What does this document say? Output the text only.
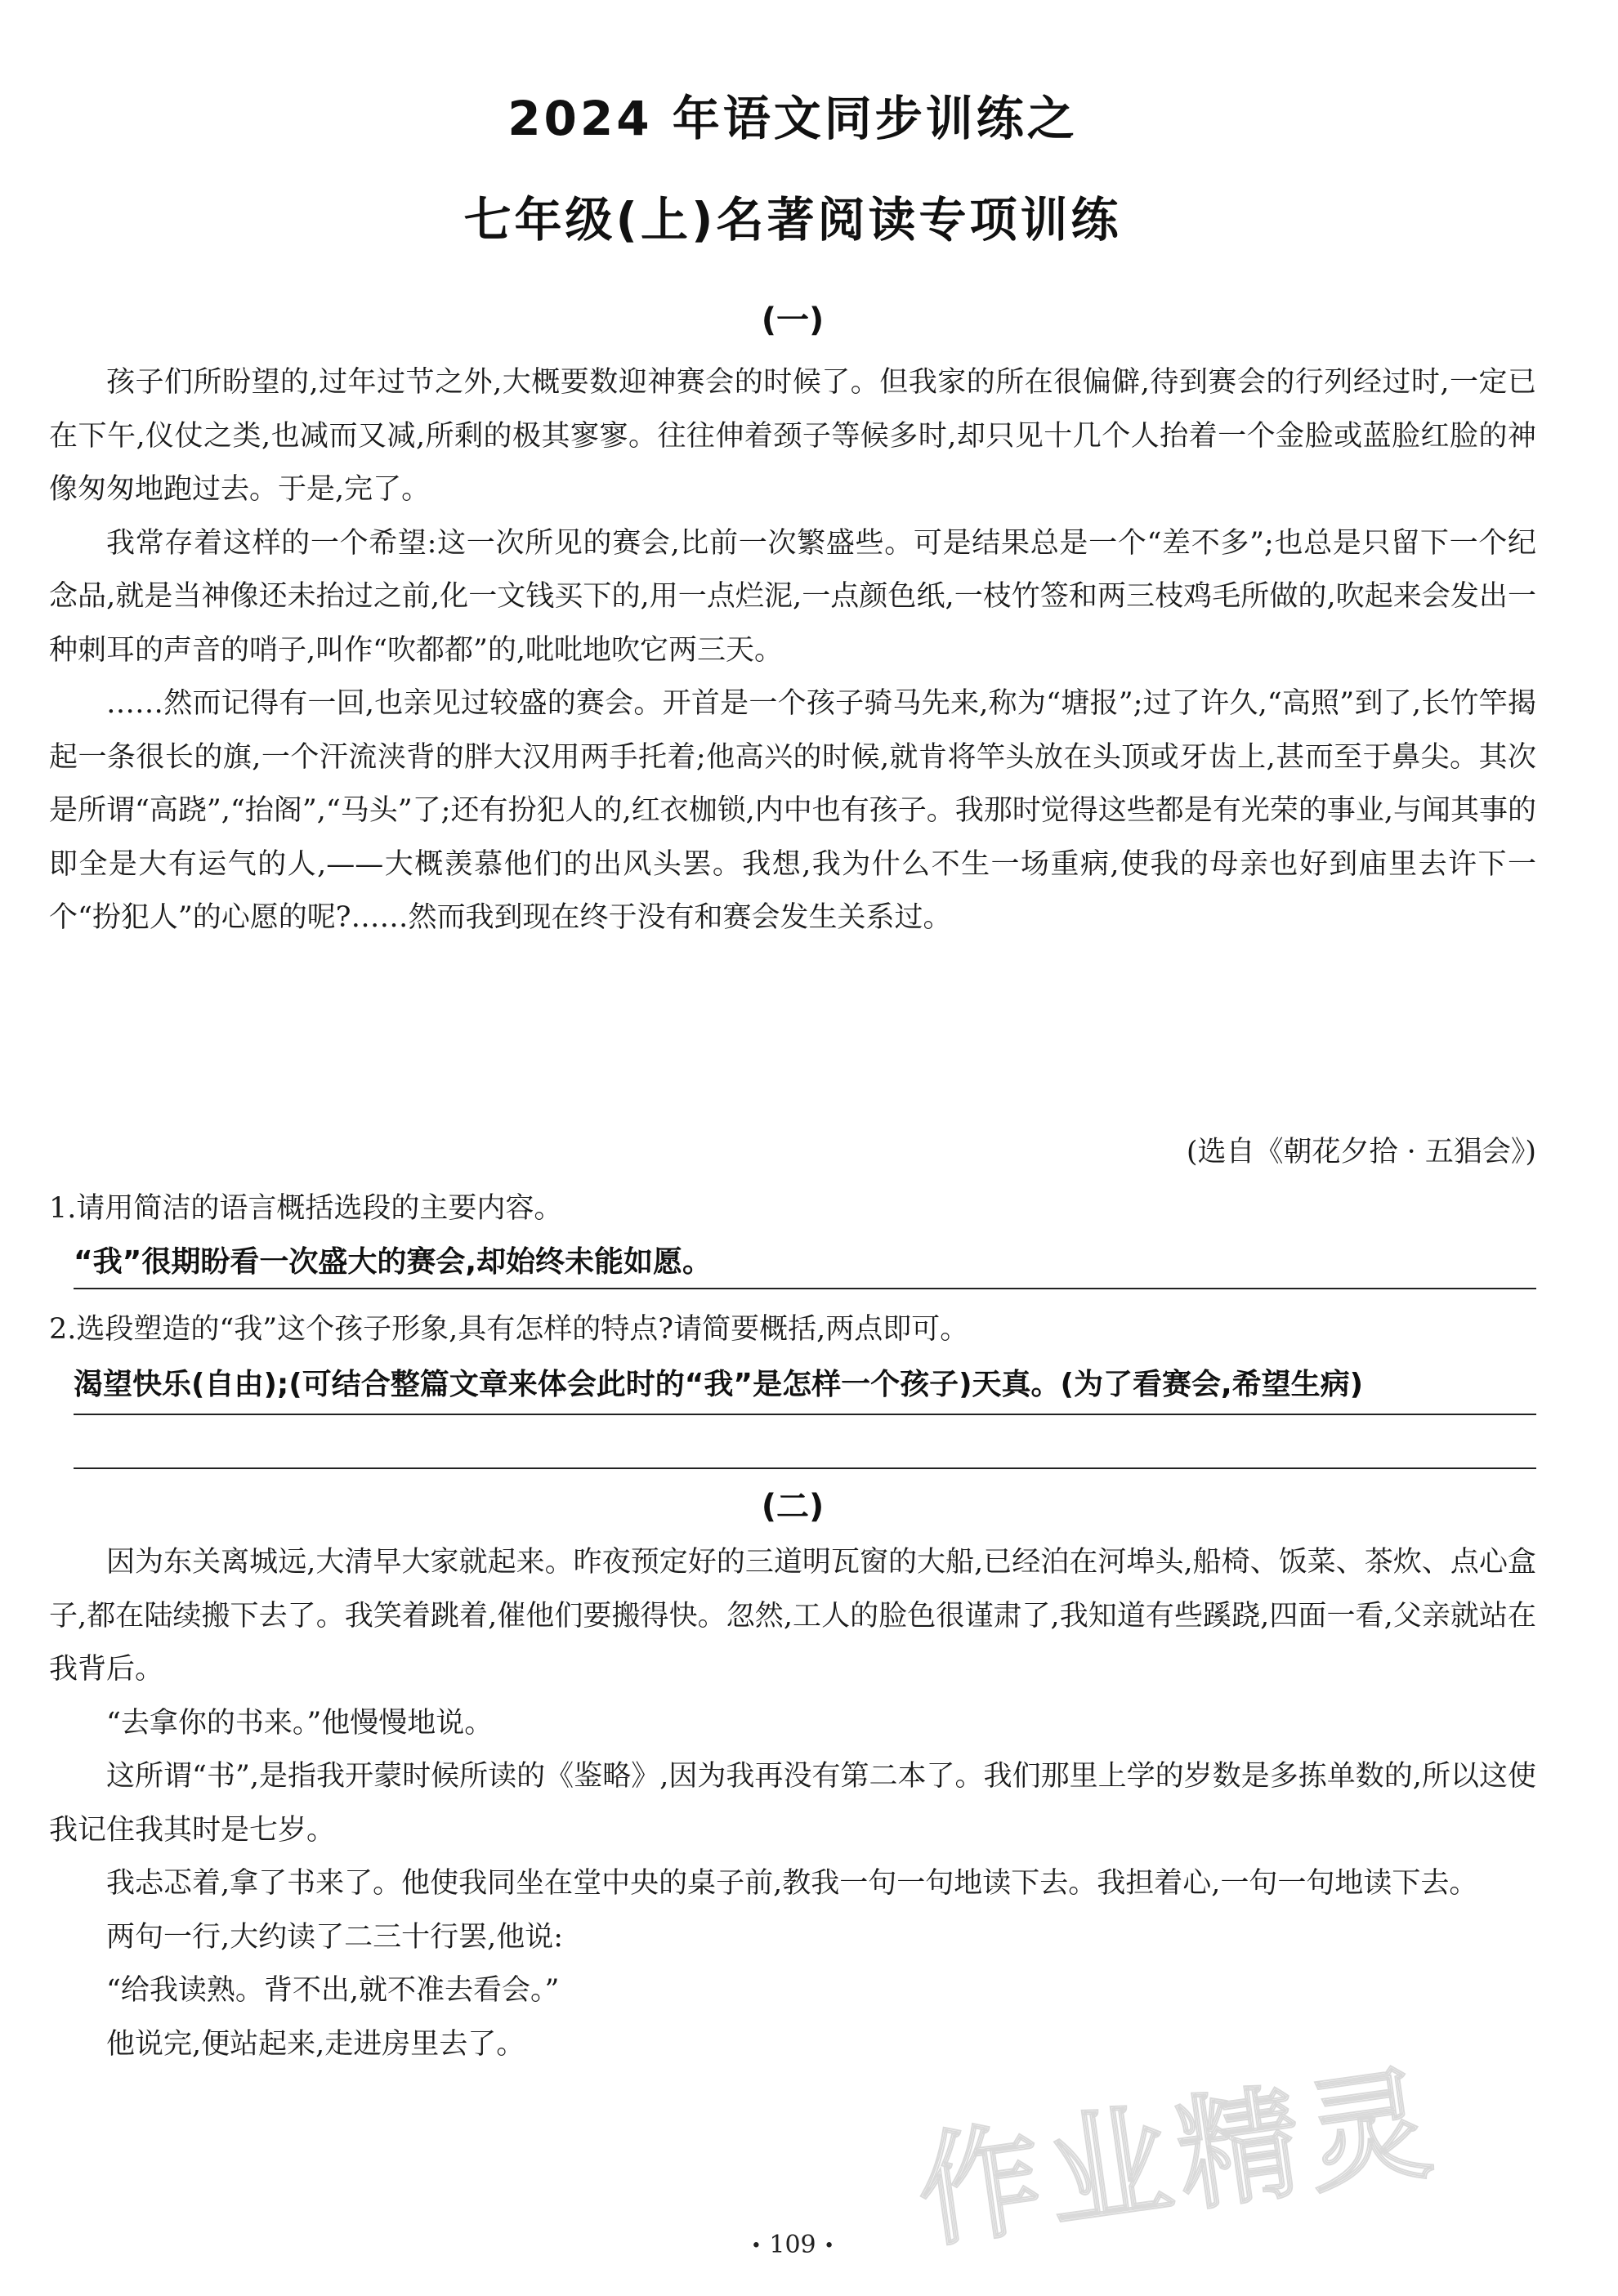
2024 年语文同步训练之
七年级(上)名著阅读专项训练
(一)

孩子们所盼望的,过年过节之外,大概要数迎神赛会的时候了。但我家的所在很偏僻,待到赛会的行列经过时,一定已在下午,仪仗之类,也减而又减,所剩的极其寥寥。往往伸着颈子等候多时,却只见十几个人抬着一个金脸或蓝脸红脸的神像匆匆地跑过去。于是,完了。

我常存着这样的一个希望:这一次所见的赛会,比前一次繁盛些。可是结果总是一个“差不多”;也总是只留下一个纪念品,就是当神像还未抬过之前,化一文钱买下的,用一点烂泥,一点颜色纸,一枝竹签和两三枝鸡毛所做的,吹起来会发出一种刺耳的声音的哨子,叫作“吹都都”的,吡吡地吹它两三天。

……然而记得有一回,也亲见过较盛的赛会。开首是一个孩子骑马先来,称为“塘报”;过了许久,“高照”到了,长竹竿揭起一条很长的旗,一个汗流浃背的胖大汉用两手托着;他高兴的时候,就肯将竿头放在头顶或牙齿上,甚而至于鼻尖。其次是所谓“高跷”,“抬阁”,“马头”了;还有扮犯人的,红衣枷锁,内中也有孩子。我那时觉得这些都是有光荣的事业,与闻其事的即全是大有运气的人,——大概羡慕他们的出风头罢。我想,我为什么不生一场重病,使我的母亲也好到庙里去许下一个“扮犯人”的心愿的呢?……然而我到现在终于没有和赛会发生关系过。

(选自《朝花夕拾 · 五猖会》)
1.请用简洁的语言概括选段的主要内容。
“我”很期盼看一次盛大的赛会,却始终未能如愿。
2.选段塑造的“我”这个孩子形象,具有怎样的特点?请简要概括,两点即可。
渴望快乐(自由);(可结合整篇文章来体会此时的“我”是怎样一个孩子)天真。(为了看赛会,希望生病)
(二)

因为东关离城远,大清早大家就起来。昨夜预定好的三道明瓦窗的大船,已经泊在河埠头,船椅、饭菜、茶炊、点心盒子,都在陆续搬下去了。我笑着跳着,催他们要搬得快。忽然,工人的脸色很谨肃了,我知道有些蹊跷,四面一看,父亲就站在我背后。

“去拿你的书来。”他慢慢地说。

这所谓“书”,是指我开蒙时候所读的《鉴略》,因为我再没有第二本了。我们那里上学的岁数是多拣单数的,所以这使我记住我其时是七岁。

我忐忑着,拿了书来了。他使我同坐在堂中央的桌子前,教我一句一句地读下去。我担着心,一句一句地读下去。

两句一行,大约读了二三十行罢,他说:

“给我读熟。背不出,就不准去看会。”

他说完,便站起来,走进房里去了。

作业精灵
• 109 •
